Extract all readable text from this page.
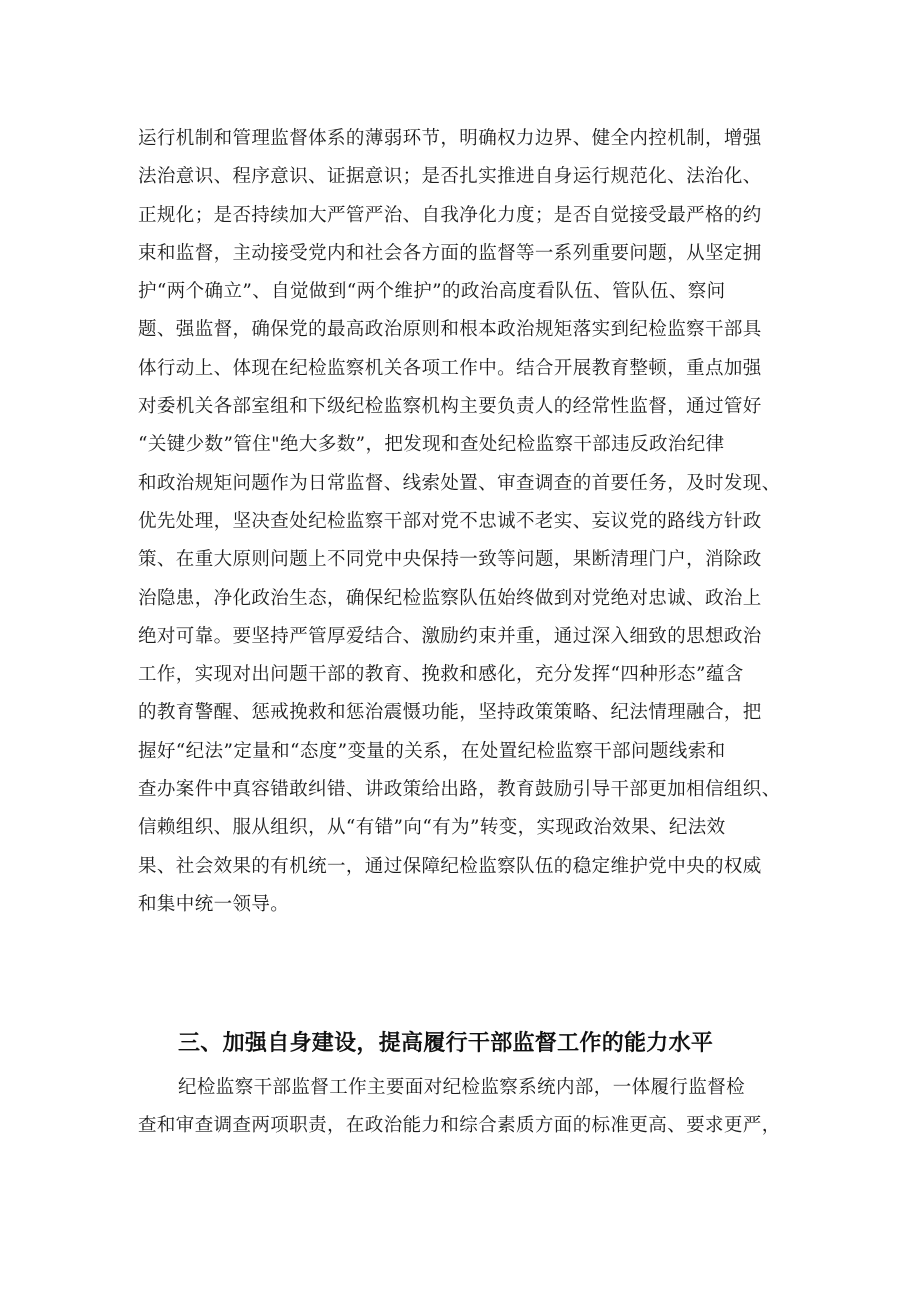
运行机制和管理监督体系的薄弱环节，明确权力边界、健全内控机制，增强
法治意识、程序意识、证据意识；是否扎实推进自身运行规范化、法治化、
正规化；是否持续加大严管严治、自我净化力度；是否自觉接受最严格的约
束和监督，主动接受党内和社会各方面的监督等一系列重要问题，从坚定拥
护“两个确立”、自觉做到“两个维护”的政治高度看队伍、管队伍、察问
题、强监督，确保党的最高政治原则和根本政治规矩落实到纪检监察干部具
体行动上、体现在纪检监察机关各项工作中。结合开展教育整顿，重点加强
对委机关各部室组和下级纪检监察机构主要负责人的经常性监督，通过管好
“关键少数”管住"绝大多数”，把发现和查处纪检监察干部违反政治纪律
和政治规矩问题作为日常监督、线索处置、审查调查的首要任务，及时发现、
优先处理，坚决查处纪检监察干部对党不忠诚不老实、妄议党的路线方针政
策、在重大原则问题上不同党中央保持一致等问题，果断清理门户，消除政
治隐患，净化政治生态，确保纪检监察队伍始终做到对党绝对忠诚、政治上
绝对可靠。要坚持严管厚爱结合、激励约束并重，通过深入细致的思想政治
工作，实现对出问题干部的教育、挽救和感化，充分发挥“四种形态”蕴含
的教育警醒、惩戒挽救和惩治震慑功能，坚持政策策略、纪法情理融合，把
握好“纪法”定量和“态度”变量的关系，在处置纪检监察干部问题线索和
查办案件中真容错敢纠错、讲政策给出路，教育鼓励引导干部更加相信组织、
信赖组织、服从组织，从“有错”向“有为”转变，实现政治效果、纪法效
果、社会效果的有机统一，通过保障纪检监察队伍的稳定维护党中央的权威
和集中统一领导。
三、加强自身建设，提高履行干部监督工作的能力水平
纪检监察干部监督工作主要面对纪检监察系统内部，一体履行监督检
查和审查调查两项职责，在政治能力和综合素质方面的标准更高、要求更严，
